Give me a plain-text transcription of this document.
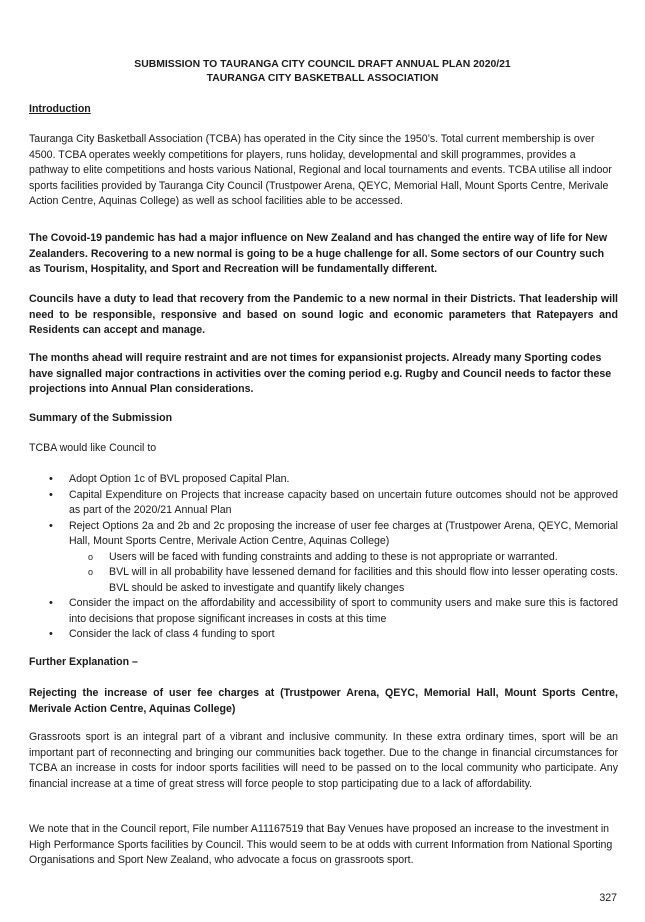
SUBMISSION TO TAURANGA CITY COUNCIL DRAFT ANNUAL PLAN 2020/21
TAURANGA CITY BASKETBALL ASSOCIATION
Introduction
Tauranga City Basketball Association (TCBA) has operated in the City since the 1950’s. Total current membership is over 4500. TCBA operates weekly competitions for players, runs holiday, developmental and skill programmes, provides a pathway to elite competitions and hosts various National, Regional and local tournaments and events. TCBA utilise all indoor sports facilities provided by Tauranga City Council (Trustpower Arena, QEYC, Memorial Hall, Mount Sports Centre, Merivale Action Centre, Aquinas College) as well as school facilities able to be accessed.
The Covoid-19 pandemic has had a major influence on New Zealand and has changed the entire way of life for New Zealanders. Recovering to a new normal is going to be a huge challenge for all. Some sectors of our Country such as Tourism, Hospitality, and Sport and Recreation will be fundamentally different.
Councils have a duty to lead that recovery from the Pandemic to a new normal in their Districts. That leadership will need to be responsible, responsive and based on sound logic and economic parameters that Ratepayers and Residents can accept and manage.
The months ahead will require restraint and are not times for expansionist projects. Already many Sporting codes have signalled major contractions in activities over the coming period e.g. Rugby and Council needs to factor these projections into Annual Plan considerations.
Summary of the Submission
TCBA would like Council to
• Adopt Option 1c of BVL proposed Capital Plan.
• Capital Expenditure on Projects that increase capacity based on uncertain future outcomes should not be approved as part of the 2020/21 Annual Plan
• Reject Options 2a and 2b and 2c proposing the increase of user fee charges at (Trustpower Arena, QEYC, Memorial Hall, Mount Sports Centre, Merivale Action Centre, Aquinas College)
o Users will be faced with funding constraints and adding to these is not appropriate or warranted.
o BVL will in all probability have lessened demand for facilities and this should flow into lesser operating costs. BVL should be asked to investigate and quantify likely changes
• Consider the impact on the affordability and accessibility of sport to community users and make sure this is factored into decisions that propose significant increases in costs at this time
• Consider the lack of class 4 funding to sport
Further Explanation –
Rejecting the increase of user fee charges at (Trustpower Arena, QEYC, Memorial Hall, Mount Sports Centre, Merivale Action Centre, Aquinas College)
Grassroots sport is an integral part of a vibrant and inclusive community. In these extra ordinary times, sport will be an important part of reconnecting and bringing our communities back together. Due to the change in financial circumstances for TCBA an increase in costs for indoor sports facilities will need to be passed on to the local community who participate. Any financial increase at a time of great stress will force people to stop participating due to a lack of affordability.
We note that in the Council report, File number A11167519 that Bay Venues have proposed an increase to the investment in High Performance Sports facilities by Council. This would seem to be at odds with current Information from National Sporting Organisations and Sport New Zealand, who advocate a focus on grassroots sport.
327
